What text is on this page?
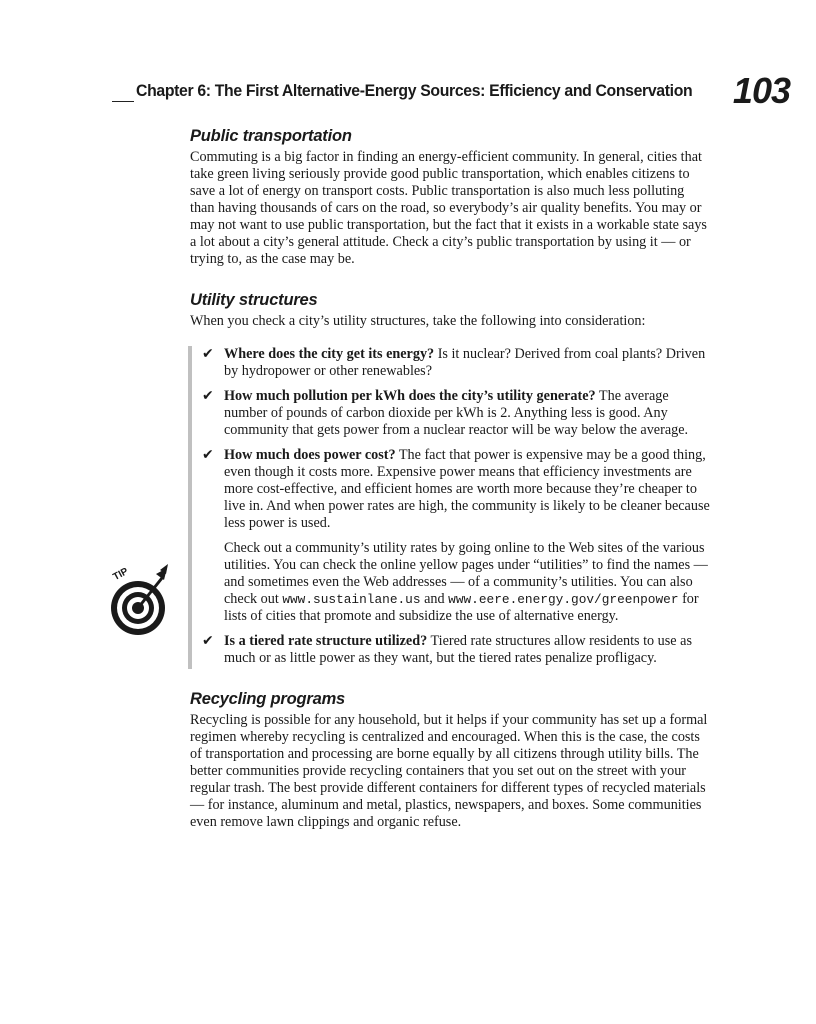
Chapter 6: The First Alternative-Energy Sources: Efficiency and Conservation 103
Public transportation

Commuting is a big factor in finding an energy-efficient community. In general, cities that take green living seriously provide good public transportation, which enables citizens to save a lot of energy on transport costs. Public transportation is also much less polluting than having thousands of cars on the road, so everybody’s air quality benefits. You may or may not want to use public transportation, but the fact that it exists in a workable state says a lot about a city’s general attitude. Check a city’s public transportation by using it — or trying to, as the case may be.

Utility structures

When you check a city’s utility structures, take the following into consideration:

TIP
✔ Where does the city get its energy? Is it nuclear? Derived from coal plants? Driven by hydropower or other renewables?
✔ How much pollution per kWh does the city’s utility generate? The average number of pounds of carbon dioxide per kWh is 2. Anything less is good. Any community that gets power from a nuclear reactor will be way below the average.
✔ How much does power cost? The fact that power is expensive may be a good thing, even though it costs more. Expensive power means that efficiency investments are more cost-effective, and efficient homes are worth more because they’re cheaper to live in. And when power rates are high, the community is likely to be cleaner because less power is used.

Check out a community’s utility rates by going online to the Web sites of the various utilities. You can check the online yellow pages under “utilities” to find the names — and sometimes even the Web addresses — of a community’s utilities. You can also check out www.sustainlane.us and www.eere.energy.gov/greenpower for lists of cities that promote and subsidize the use of alternative energy.

✔ Is a tiered rate structure utilized? Tiered rate structures allow residents to use as much or as little power as they want, but the tiered rates penalize profligacy.
Recycling programs

Recycling is possible for any household, but it helps if your community has set up a formal regimen whereby recycling is centralized and encouraged. When this is the case, the costs of transportation and processing are borne equally by all citizens through utility bills. The better communities provide recycling containers that you set out on the street with your regular trash. The best provide different containers for different types of recycled materials — for instance, aluminum and metal, plastics, newspapers, and boxes. Some communities even remove lawn clippings and organic refuse.
